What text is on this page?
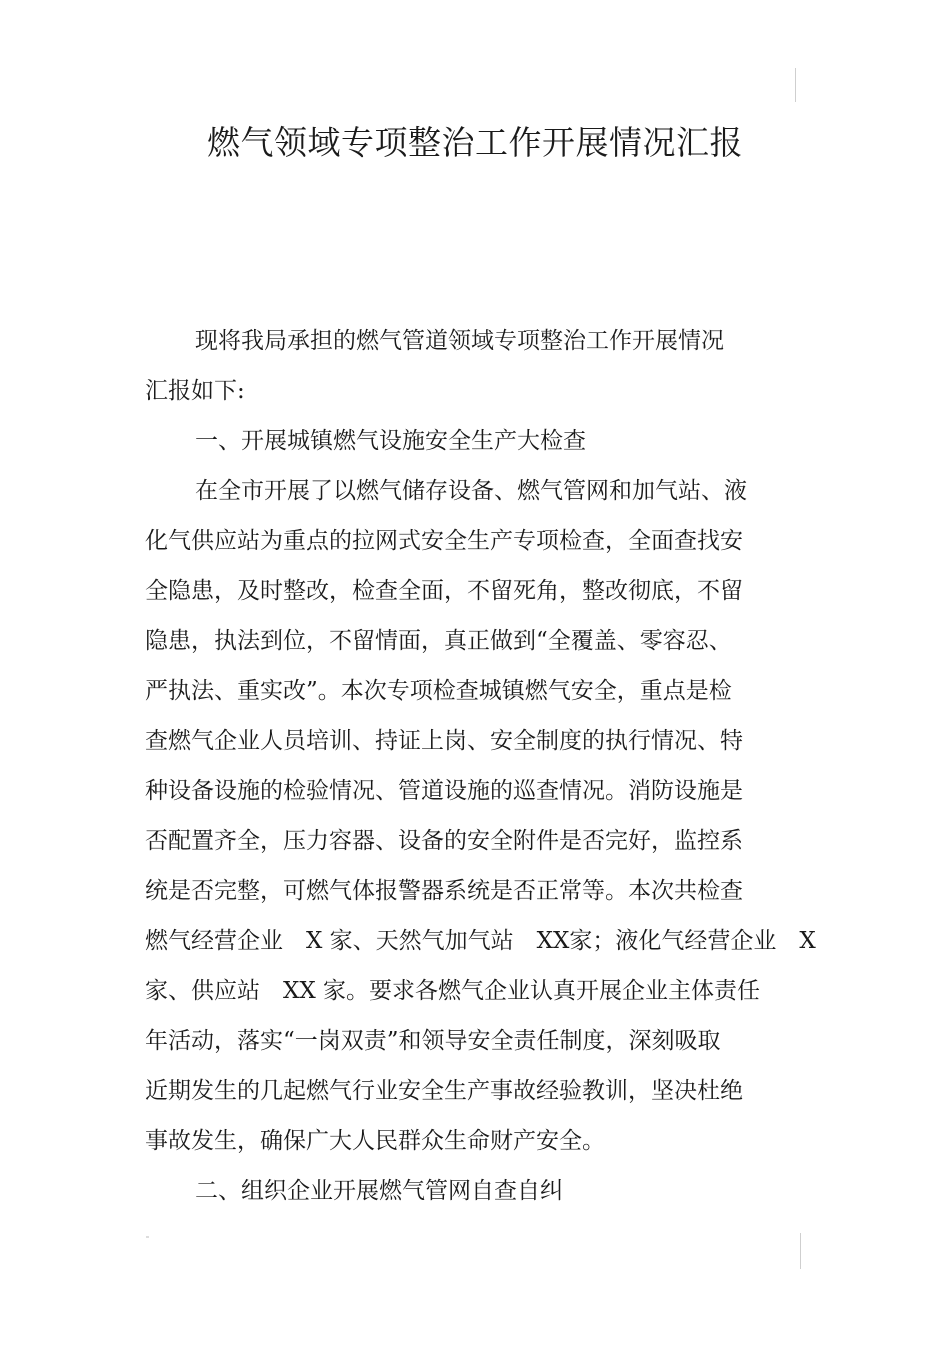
燃气领域专项整治工作开展情况汇报

现将我局承担的燃气管道领域专项整治工作开展情况

汇报如下:

一、开展城镇燃气设施安全生产大检查

在全市开展了以燃气储存设备、燃气管网和加气站、液

化气供应站为重点的拉网式安全生产专项检查，全面查找安

全隐患，及时整改，检查全面，不留死角，整改彻底，不留

隐患，执法到位，不留情面，真正做到“全覆盖、零容忍、

严执法、重实改”。本次专项检查城镇燃气安全，重点是检

查燃气企业人员培训、持证上岗、安全制度的执行情况、特

种设备设施的检验情况、管道设施的巡查情况。消防设施是

否配置齐全，压力容器、设备的安全附件是否完好，监控系

统是否完整，可燃气体报警器系统是否正常等。本次共检查

燃气经营企业　X 家、天然气加气站　XX家；液化气经营企业　X

家、供应站　XX 家。要求各燃气企业认真开展企业主体责任

年活动，落实“一岗双责”和领导安全责任制度，深刻吸取

近期发生的几起燃气行业安全生产事故经验教训，坚决杜绝

事故发生，确保广大人民群众生命财产安全。

二、组织企业开展燃气管网自查自纠
